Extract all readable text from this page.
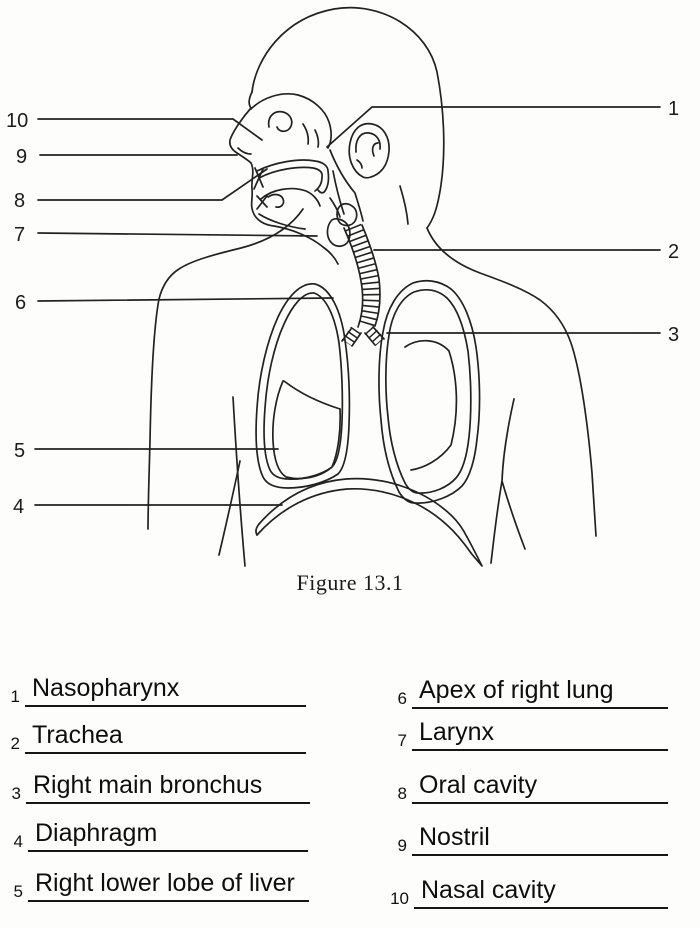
1
2
3
4
5
6
7
8
9
10
Figure 13.1
1 Nasopharynx
2 Trachea
3 Right main bronchus
4 Diaphragm
5 Right lower lobe of liver
6 Apex of right lung
7 Larynx
8 Oral cavity
9 Nostril
10 Nasal cavity
